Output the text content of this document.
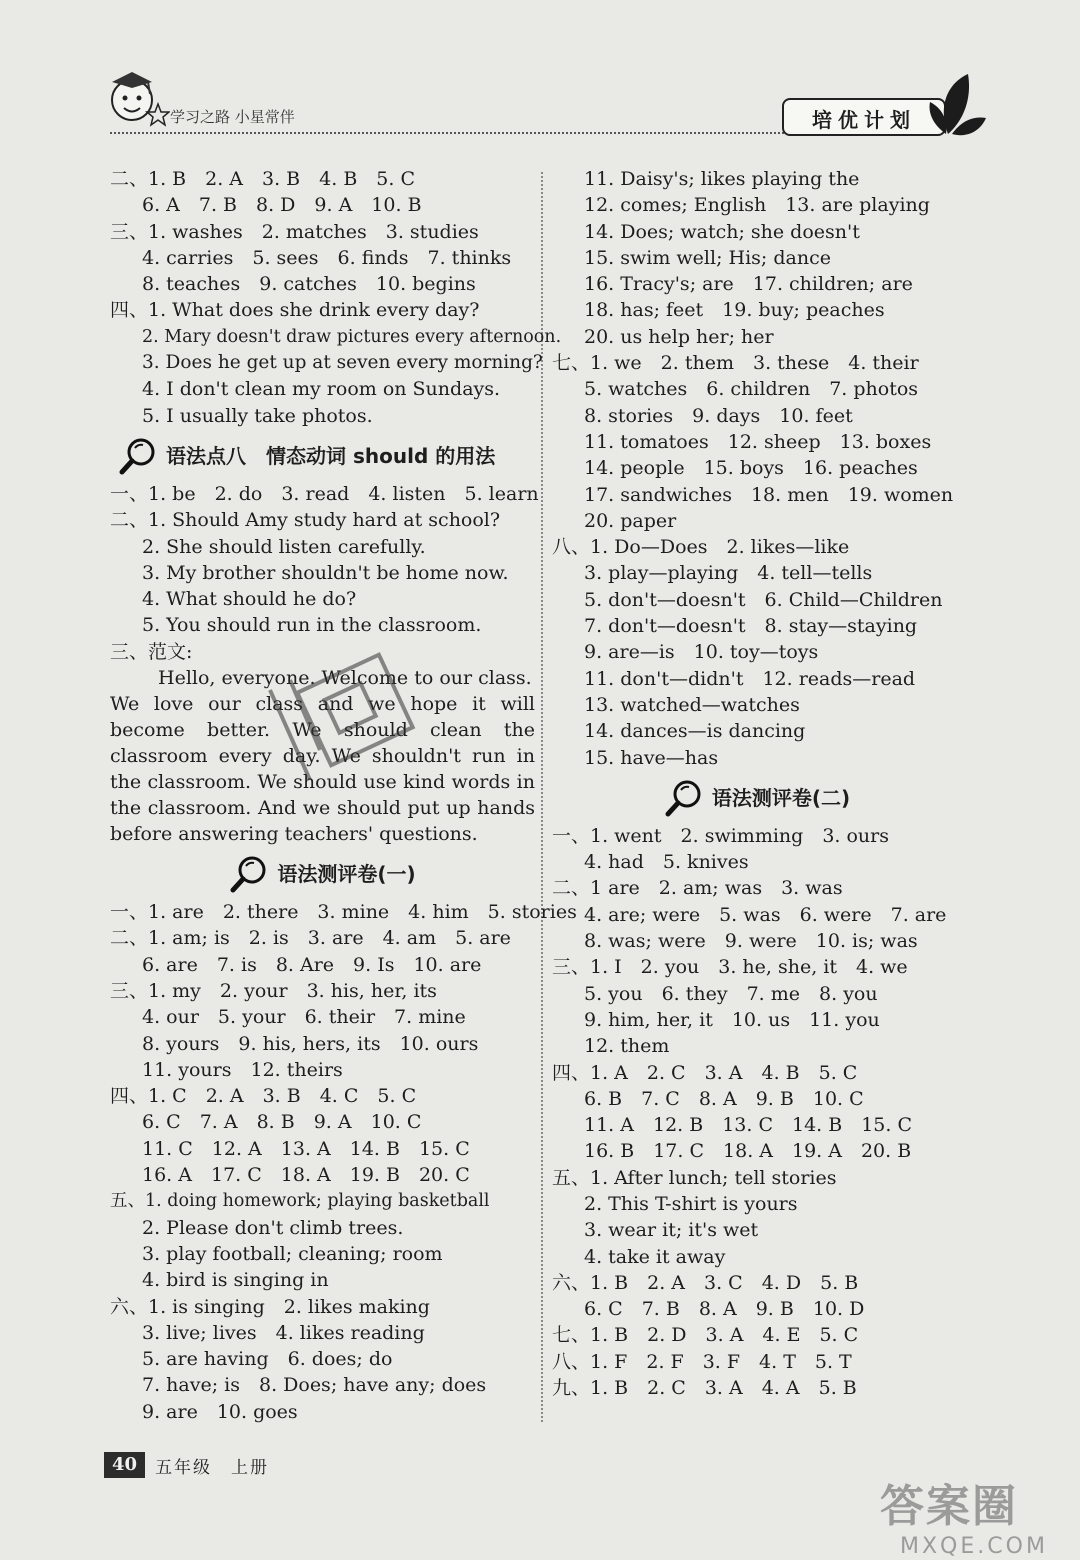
学习之路 小星常伴	培优计划
二、1. B　2. A　3. B　4. B　5. C
6. A　7. B　8. D　9. A　10. B
三、1. washes　2. matches　3. studies
4. carries　5. sees　6. finds　7. thinks
8. teaches　9. catches　10. begins
四、1. What does she drink every day?
2. Mary doesn't draw pictures every afternoon.
3. Does he get up at seven every morning?
4. I don't clean my room on Sundays.
5. I usually take photos.
语法点八　情态动词 should 的用法
一、1. be　2. do　3. read　4. listen　5. learn
二、1. Should Amy study hard at school?
2. She should listen carefully.
3. My brother shouldn't be home now.
4. What should he do?
5. You should run in the classroom.
三、范文:

Hello, everyone. Welcome to our class.

We love our class and we hope it will become better. We should clean the classroom every day. We shouldn't run in the classroom. We should use kind words in the classroom. And we should put up hands before answering teachers' questions.

语法测评卷(一)
一、1. are　2. there　3. mine　4. him　5. stories
二、1. am; is　2. is　3. are　4. am　5. are
6. are　7. is　8. Are　9. Is　10. are
三、1. my　2. your　3. his, her, its
4. our　5. your　6. their　7. mine
8. yours　9. his, hers, its　10. ours
11. yours　12. theirs
四、1. C　2. A　3. B　4. C　5. C
6. C　7. A　8. B　9. A　10. C
11. C　12. A　13. A　14. B　15. C
16. A　17. C　18. A　19. B　20. C
五、1. doing homework; playing basketball
2. Please don't climb trees.
3. play football; cleaning; room
4. bird is singing in
六、1. is singing　2. likes making
3. live; lives　4. likes reading
5. are having　6. does; do
7. have; is　8. Does; have any; does
9. are　10. goes
11. Daisy's; likes playing the
12. comes; English　13. are playing
14. Does; watch; she doesn't
15. swim well; His; dance
16. Tracy's; are　17. children; are
18. has; feet　19. buy; peaches
20. us help her; her
七、1. we　2. them　3. these　4. their
5. watches　6. children　7. photos
8. stories　9. days　10. feet
11. tomatoes　12. sheep　13. boxes
14. people　15. boys　16. peaches
17. sandwiches　18. men　19. women
20. paper
八、1. Do—Does　2. likes—like
3. play—playing　4. tell—tells
5. don't—doesn't　6. Child—Children
7. don't—doesn't　8. stay—staying
9. are—is　10. toy—toys
11. don't—didn't　12. reads—read
13. watched—watches
14. dances—is dancing
15. have—has
语法测评卷(二)
一、1. went　2. swimming　3. ours
4. had　5. knives
二、1 are　2. am; was　3. was
4. are; were　5. was　6. were　7. are
8. was; were　9. were　10. is; was
三、1. I　2. you　3. he, she, it　4. we
5. you　6. they　7. me　8. you
9. him, her, it　10. us　11. you
12. them
四、1. A　2. C　3. A　4. B　5. C
6. B　7. C　8. A　9. B　10. C
11. A　12. B　13. C　14. B　15. C
16. B　17. C　18. A　19. A　20. B
五、1. After lunch; tell stories
2. This T-shirt is yours
3. wear it; it's wet
4. take it away
六、1. B　2. A　3. C　4. D　5. B
6. C　7. B　8. A　9. B　10. D
七、1. B　2. D　3. A　4. E　5. C
八、1. F　2. F　3. F　4. T　5. T
九、1. B　2. C　3. A　4. A　5. B
40	五年级　上册
答案圈
MXQE.COM
